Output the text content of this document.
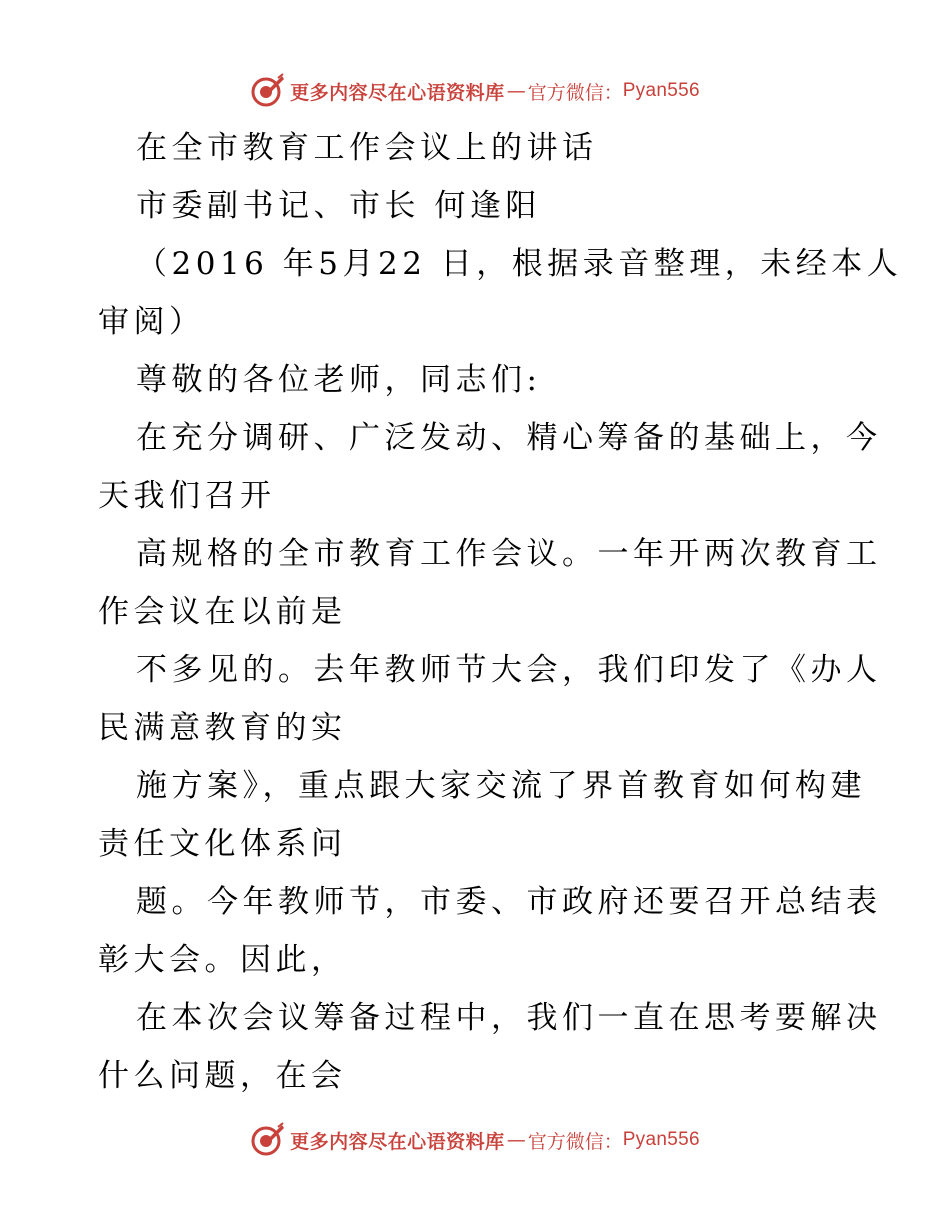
更多内容尽在心语资料库 — 官方微信： Pyan556
在全市教育工作会议上的讲话
市委副书记、市长 何逢阳
（2016 年5月22 日，根据录音整理，未经本人
审阅）
尊敬的各位老师，同志们:
在充分调研、广泛发动、精心筹备的基础上，今
天我们召开
高规格的全市教育工作会议。一年开两次教育工
作会议在以前是
不多见的。去年教师节大会，我们印发了《办人
民满意教育的实
施方案》，重点跟大家交流了界首教育如何构建
责任文化体系问
题。今年教师节，市委、市政府还要召开总结表
彰大会。因此，
在本次会议筹备过程中，我们一直在思考要解决
什么问题，在会
更多内容尽在心语资料库 — 官方微信： Pyan556
